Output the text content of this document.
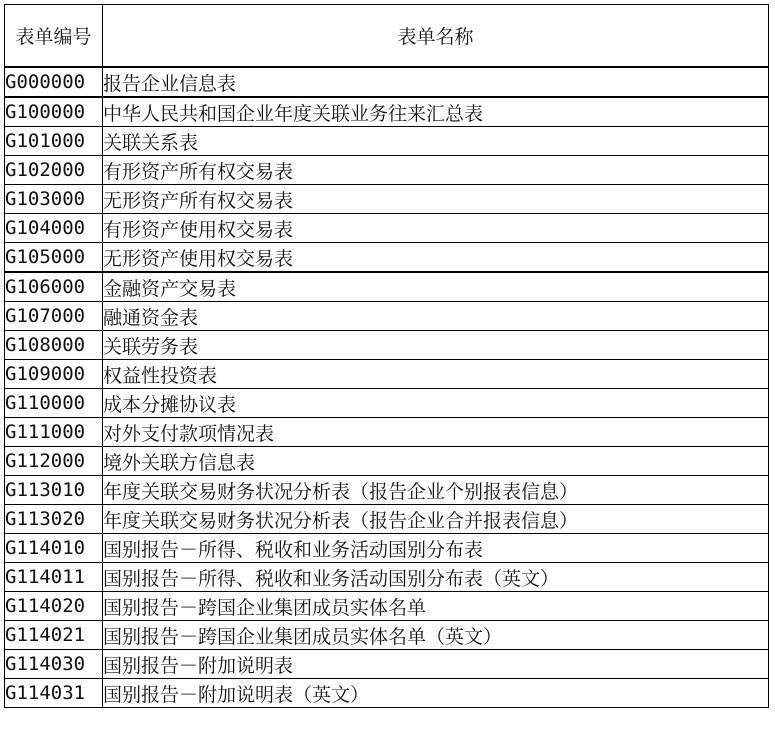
表单编号	表单名称
G000000	报告企业信息表
G100000	中华人民共和国企业年度关联业务往来汇总表
G101000	关联关系表
G102000	有形资产所有权交易表
G103000	无形资产所有权交易表
G104000	有形资产使用权交易表
G105000	无形资产使用权交易表
G106000	金融资产交易表
G107000	融通资金表
G108000	关联劳务表
G109000	权益性投资表
G110000	成本分摊协议表
G111000	对外支付款项情况表
G112000	境外关联方信息表
G113010	年度关联交易财务状况分析表（报告企业个别报表信息）
G113020	年度关联交易财务状况分析表（报告企业合并报表信息）
G114010	国别报告－所得、税收和业务活动国别分布表
G114011	国别报告－所得、税收和业务活动国别分布表（英文）
G114020	国别报告－跨国企业集团成员实体名单
G114021	国别报告－跨国企业集团成员实体名单（英文）
G114030	国别报告－附加说明表
G114031	国别报告－附加说明表（英文）
